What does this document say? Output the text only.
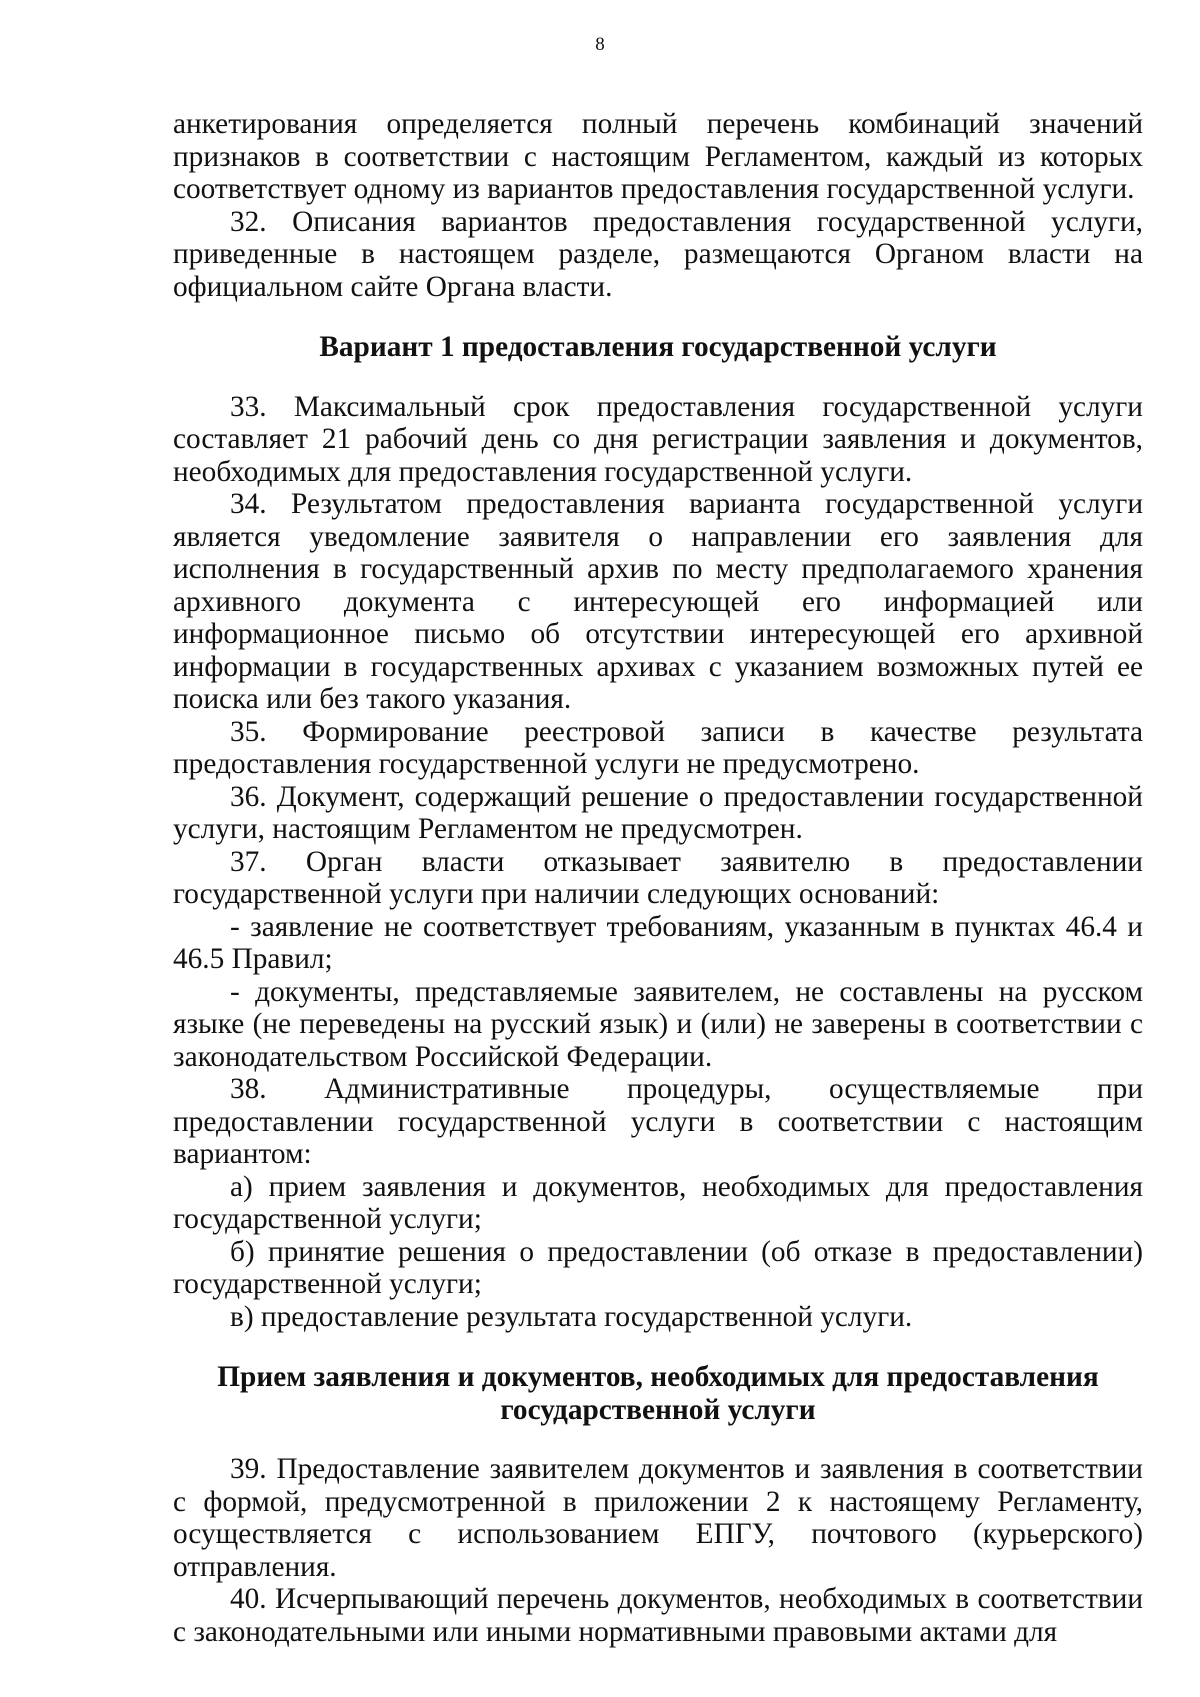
8

анкетирования определяется полный перечень комбинаций значений признаков в соответствии с настоящим Регламентом, каждый из которых соответствует одному из вариантов предоставления государственной услуги.

32. Описания вариантов предоставления государственной услуги, приведенные в настоящем разделе, размещаются Органом власти на официальном сайте Органа власти.

Вариант 1 предоставления государственной услуги

33. Максимальный срок предоставления государственной услуги составляет 21 рабочий день со дня регистрации заявления и документов, необходимых для предоставления государственной услуги.

34. Результатом предоставления варианта государственной услуги является уведомление заявителя о направлении его заявления для исполнения в государственный архив по месту предполагаемого хранения архивного документа с интересующей его информацией или информационное письмо об отсутствии интересующей его архивной информации в государственных архивах с указанием возможных путей ее поиска или без такого указания.

35. Формирование реестровой записи в качестве результата предоставления государственной услуги не предусмотрено.

36. Документ, содержащий решение о предоставлении государственной услуги, настоящим Регламентом не предусмотрен.

37. Орган власти отказывает заявителю в предоставлении государственной услуги при наличии следующих оснований:

- заявление не соответствует требованиям, указанным в пунктах 46.4 и 46.5 Правил;

- документы, представляемые заявителем, не составлены на русском языке (не переведены на русский язык) и (или) не заверены в соответствии с законодательством Российской Федерации.

38. Административные процедуры, осуществляемые при предоставлении государственной услуги в соответствии с настоящим вариантом:

а) прием заявления и документов, необходимых для предоставления государственной услуги;

б) принятие решения о предоставлении (об отказе в предоставлении) государственной услуги;

в) предоставление результата государственной услуги.

Прием заявления и документов, необходимых для предоставления
государственной услуги

39. Предоставление заявителем документов и заявления в соответствии с формой, предусмотренной в приложении 2 к настоящему Регламенту, осуществляется с использованием ЕПГУ, почтового (курьерского) отправления.

40. Исчерпывающий перечень документов, необходимых в соответствии с законодательными или иными нормативными правовыми актами для
